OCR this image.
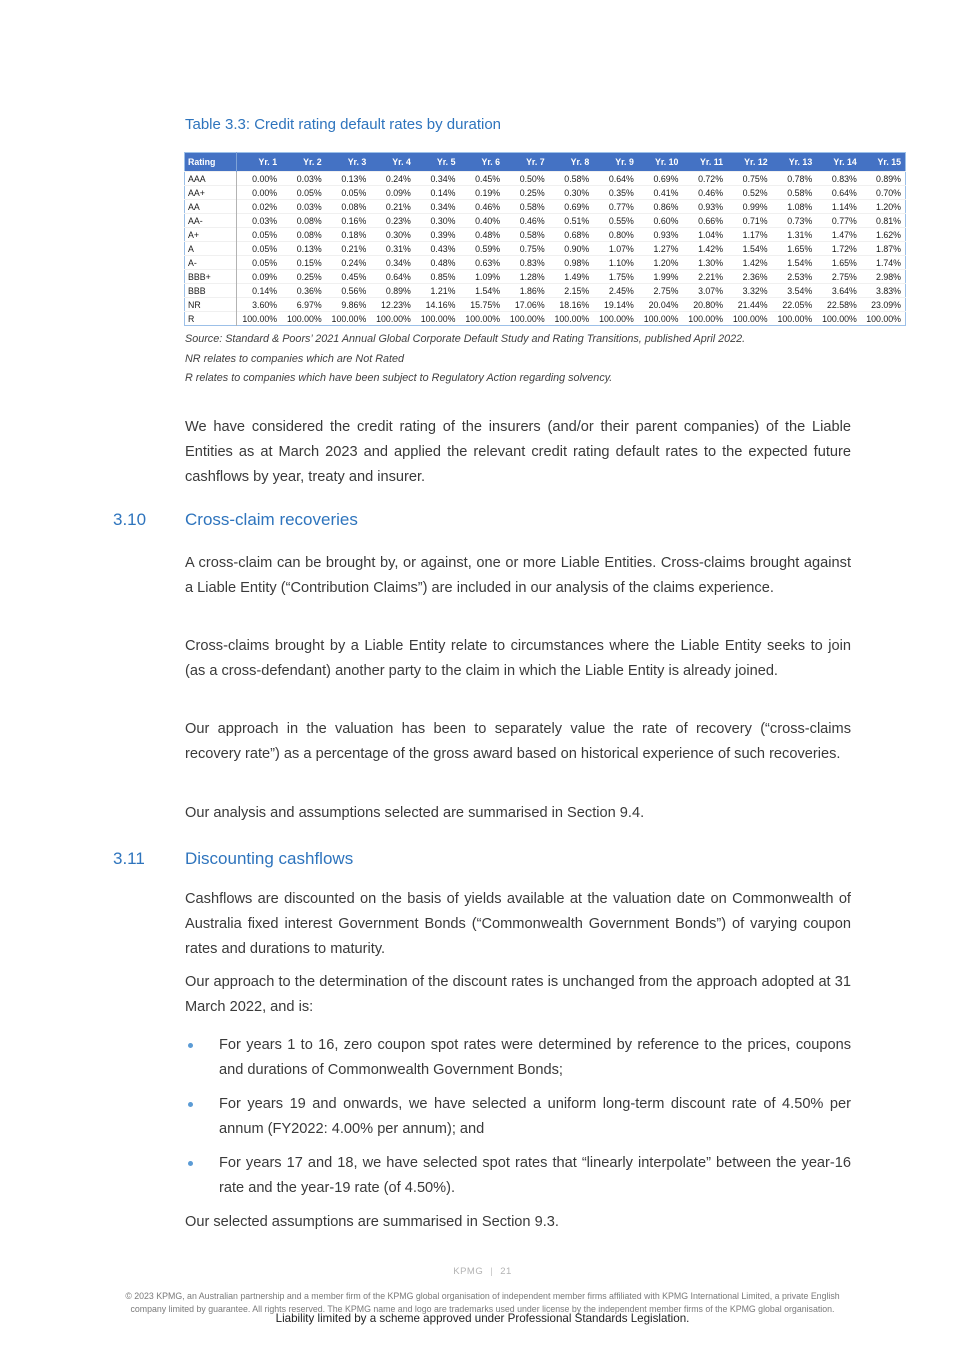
Table 3.3: Credit rating default rates by duration
Rating	Yr. 1	Yr. 2	Yr. 3	Yr. 4	Yr. 5	Yr. 6	Yr. 7	Yr. 8	Yr. 9	Yr. 10	Yr. 11	Yr. 12	Yr. 13	Yr. 14	Yr. 15
AAA	0.00%	0.03%	0.13%	0.24%	0.34%	0.45%	0.50%	0.58%	0.64%	0.69%	0.72%	0.75%	0.78%	0.83%	0.89%
AA+	0.00%	0.05%	0.05%	0.09%	0.14%	0.19%	0.25%	0.30%	0.35%	0.41%	0.46%	0.52%	0.58%	0.64%	0.70%
AA	0.02%	0.03%	0.08%	0.21%	0.34%	0.46%	0.58%	0.69%	0.77%	0.86%	0.93%	0.99%	1.08%	1.14%	1.20%
AA-	0.03%	0.08%	0.16%	0.23%	0.30%	0.40%	0.46%	0.51%	0.55%	0.60%	0.66%	0.71%	0.73%	0.77%	0.81%
A+	0.05%	0.08%	0.18%	0.30%	0.39%	0.48%	0.58%	0.68%	0.80%	0.93%	1.04%	1.17%	1.31%	1.47%	1.62%
A	0.05%	0.13%	0.21%	0.31%	0.43%	0.59%	0.75%	0.90%	1.07%	1.27%	1.42%	1.54%	1.65%	1.72%	1.87%
A-	0.05%	0.15%	0.24%	0.34%	0.48%	0.63%	0.83%	0.98%	1.10%	1.20%	1.30%	1.42%	1.54%	1.65%	1.74%
BBB+	0.09%	0.25%	0.45%	0.64%	0.85%	1.09%	1.28%	1.49%	1.75%	1.99%	2.21%	2.36%	2.53%	2.75%	2.98%
BBB	0.14%	0.36%	0.56%	0.89%	1.21%	1.54%	1.86%	2.15%	2.45%	2.75%	3.07%	3.32%	3.54%	3.64%	3.83%
NR	3.60%	6.97%	9.86%	12.23%	14.16%	15.75%	17.06%	18.16%	19.14%	20.04%	20.80%	21.44%	22.05%	22.58%	23.09%
R	100.00%	100.00%	100.00%	100.00%	100.00%	100.00%	100.00%	100.00%	100.00%	100.00%	100.00%	100.00%	100.00%	100.00%	100.00%
Source: Standard & Poors’ 2021 Annual Global Corporate Default Study and Rating Transitions, published April 2022.
NR relates to companies which are Not Rated
R relates to companies which have been subject to Regulatory Action regarding solvency.
We have considered the credit rating of the insurers (and/or their parent companies) of the Liable Entities as at March 2023 and applied the relevant credit rating default rates to the expected future cashflows by year, treaty and insurer.
3.10 Cross-claim recoveries
A cross-claim can be brought by, or against, one or more Liable Entities. Cross-claims brought against a Liable Entity (“Contribution Claims”) are included in our analysis of the claims experience.
Cross-claims brought by a Liable Entity relate to circumstances where the Liable Entity seeks to join (as a cross-defendant) another party to the claim in which the Liable Entity is already joined.
Our approach in the valuation has been to separately value the rate of recovery (“cross-claims recovery rate”) as a percentage of the gross award based on historical experience of such recoveries.
Our analysis and assumptions selected are summarised in Section 9.4.
3.11 Discounting cashflows
Cashflows are discounted on the basis of yields available at the valuation date on Commonwealth of Australia fixed interest Government Bonds (“Commonwealth Government Bonds”) of varying coupon rates and durations to maturity.
Our approach to the determination of the discount rates is unchanged from the approach adopted at 31 March 2022, and is:
For years 1 to 16, zero coupon spot rates were determined by reference to the prices, coupons and durations of Commonwealth Government Bonds;
For years 19 and onwards, we have selected a uniform long-term discount rate of 4.50% per annum (FY2022: 4.00% per annum); and
For years 17 and 18, we have selected spot rates that “linearly interpolate” between the year-16 rate and the year-19 rate (of 4.50%).
Our selected assumptions are summarised in Section 9.3.
KPMG | 21
© 2023 KPMG, an Australian partnership and a member firm of the KPMG global organisation of independent member firms affiliated with KPMG International Limited, a private English
company limited by guarantee. All rights reserved. The KPMG name and logo are trademarks used under license by the independent member firms of the KPMG global organisation.
Liability limited by a scheme approved under Professional Standards Legislation.
